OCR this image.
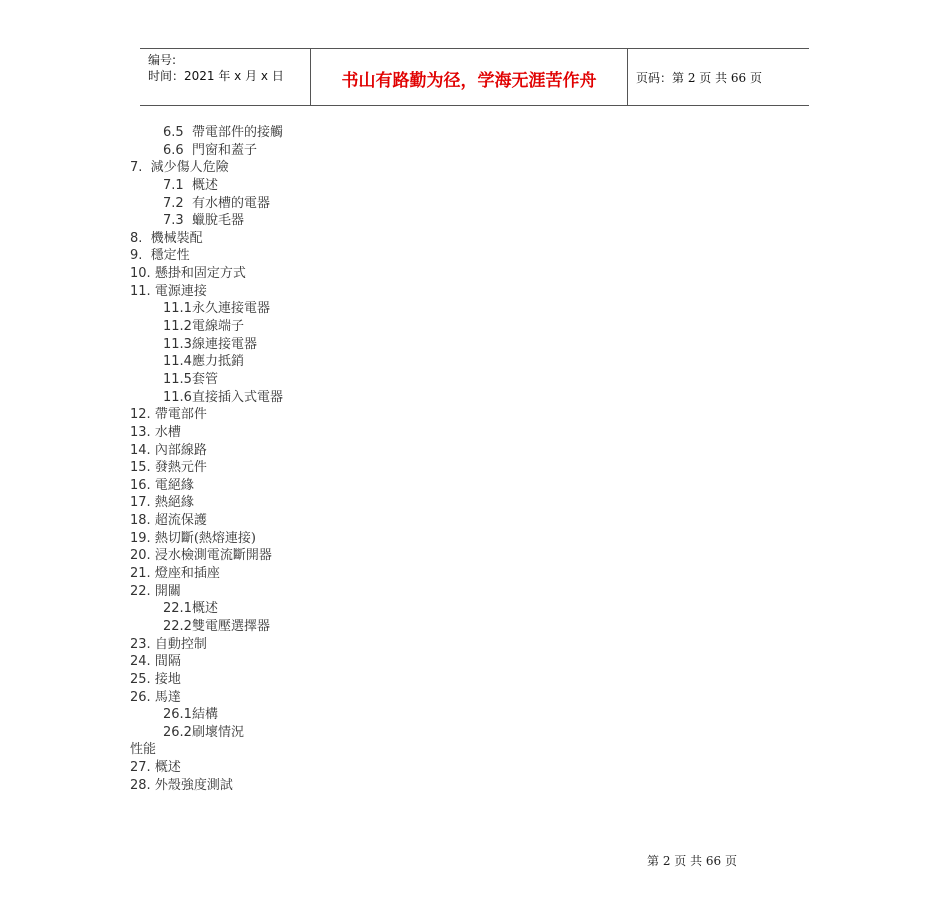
编号:
时间：2021 年 x 月 x 日	书山有路勤为径，学海无涯苦作舟	页码：第 2 页 共 66 页
6.5 帶電部件的接觸
6.6 門窗和蓋子
7. 減少傷人危險
7.1 概述
7.2 有水槽的電器
7.3 蠟脫毛器
8. 機械裝配
9. 穩定性
10. 懸掛和固定方式
11. 電源連接
11.1永久連接電器
11.2電線端子
11.3線連接電器
11.4應力抵銷
11.5套管
11.6直接插入式電器
12. 帶電部件
13. 水槽
14. 內部線路
15. 發熱元件
16. 電絕緣
17. 熱絕緣
18. 超流保護
19. 熱切斷(熱熔連接)
20. 浸水檢測電流斷開器
21. 燈座和插座
22. 開關
22.1概述
22.2雙電壓選擇器
23. 自動控制
24. 間隔
25. 接地
26. 馬達
26.1結構
26.2刷壞情況
性能
27. 概述
28. 外殼強度測試
第 2 页 共 66 页
